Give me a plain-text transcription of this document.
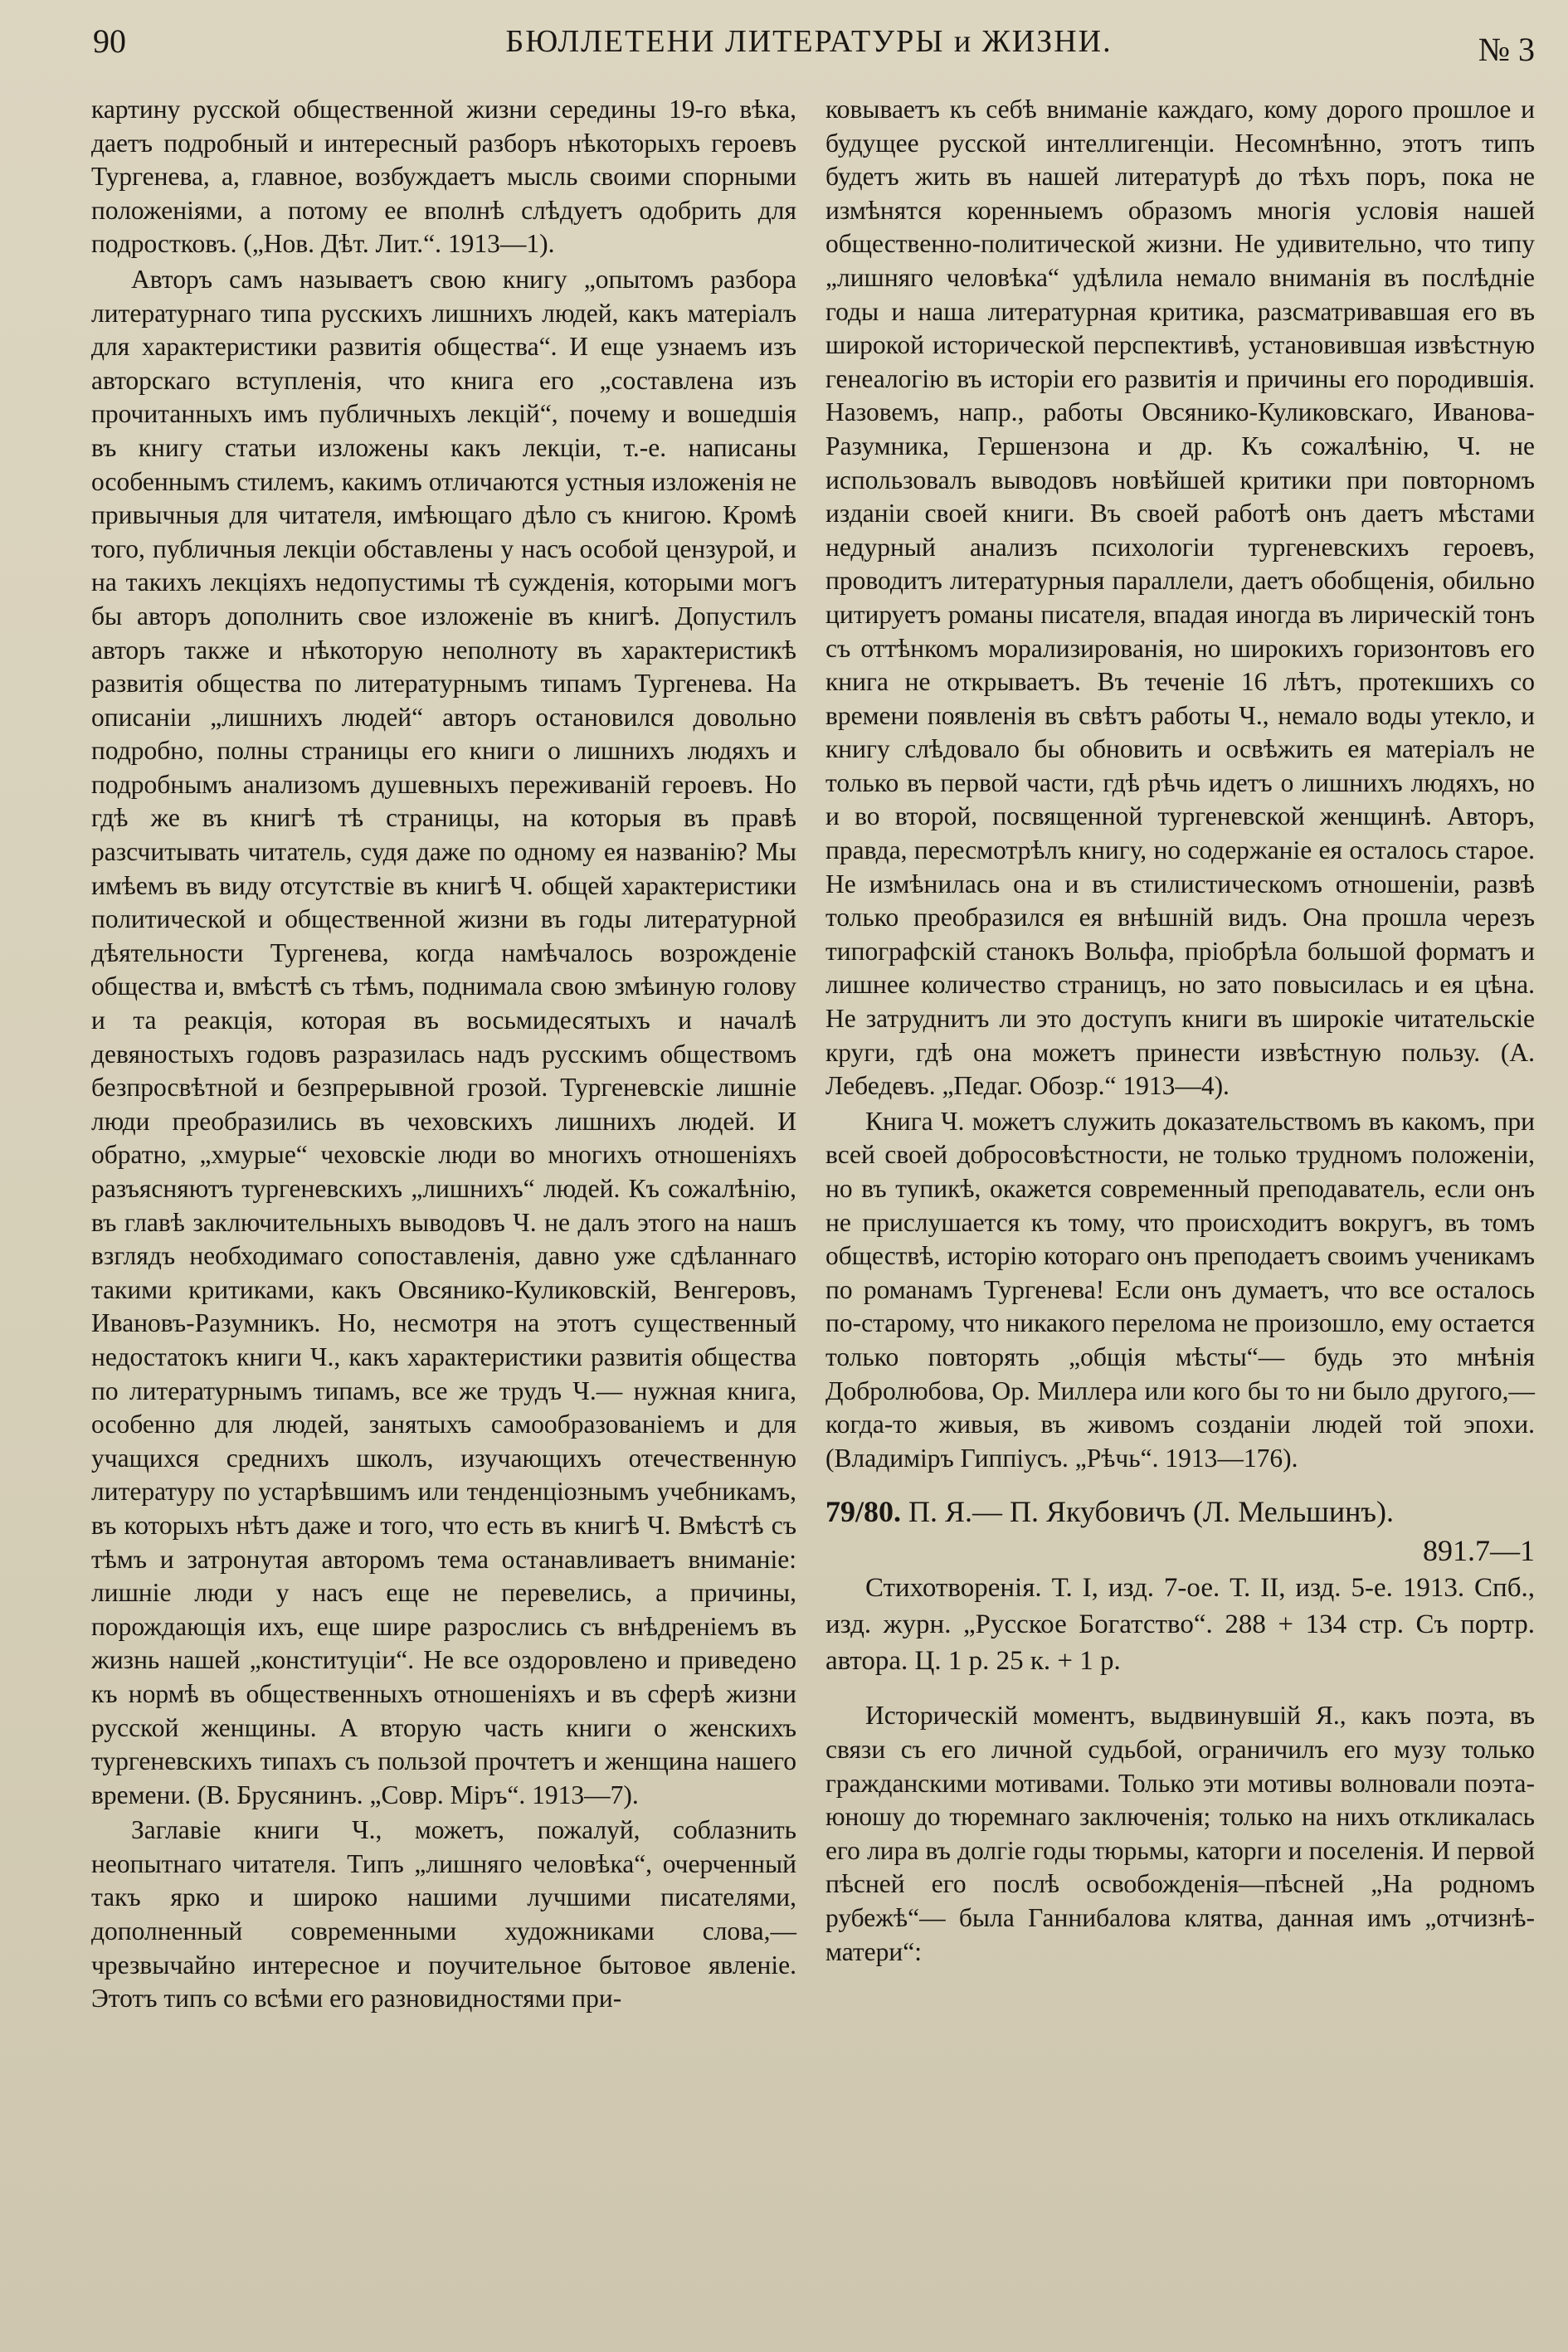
90	БЮЛЛЕТЕНИ ЛИТЕРАТУРЫ и ЖИЗНИ.	№ 3

картину русской общественной жизни середины 19-го вѣка, даетъ подробный и интересный разборъ нѣкоторыхъ героевъ Тургенева, а, главное, возбуждаетъ мысль своими спорными положеніями, а потому ее вполнѣ слѣдуетъ одобрить для подростковъ. („Нов. Дѣт. Лит.“. 1913—1).

Авторъ самъ называетъ свою книгу „опытомъ разбора литературнаго типа русскихъ лишнихъ людей, какъ матеріалъ для характеристики развитія общества“. И еще узнаемъ изъ авторскаго вступленія, что книга его „составлена изъ прочитанныхъ имъ публичныхъ лекцій“, почему и вошедшія въ книгу статьи изложены какъ лекціи, т.-е. написаны особеннымъ стилемъ, какимъ отличаются устныя изложенія не привычныя для читателя, имѣющаго дѣло съ книгою. Кромѣ того, публичныя лекціи обставлены у насъ особой цензурой, и на такихъ лекціяхъ недопустимы тѣ сужденія, которыми могъ бы авторъ дополнить свое изложеніе въ книгѣ. Допустилъ авторъ также и нѣкоторую неполноту въ характеристикѣ развитія общества по литературнымъ типамъ Тургенева. На описаніи „лишнихъ людей“ авторъ остановился довольно подробно, полны страницы его книги о лишнихъ людяхъ и подробнымъ анализомъ душевныхъ переживаній героевъ. Но гдѣ же въ книгѣ тѣ страницы, на которыя въ правѣ разсчитывать читатель, судя даже по одному ея названію? Мы имѣемъ въ виду отсутствіе въ книгѣ Ч. общей характеристики политической и общественной жизни въ годы литературной дѣятельности Тургенева, когда намѣчалось возрожденіе общества и, вмѣстѣ съ тѣмъ, поднимала свою змѣиную голову и та реакція, которая въ восьмидесятыхъ и началѣ девяностыхъ годовъ разразилась надъ русскимъ обществомъ безпросвѣтной и безпрерывной грозой. Тургеневскіе лишніе люди преобразились въ чеховскихъ лишнихъ людей. И обратно, „хмурые“ чеховскіе люди во многихъ отношеніяхъ разъясняютъ тургеневскихъ „лишнихъ“ людей. Къ сожалѣнію, въ главѣ заключительныхъ выводовъ Ч. не далъ этого на нашъ взглядъ необходимаго сопоставленія, давно уже сдѣланнаго такими критиками, какъ Овсянико-Куликовскій, Венгеровъ, Ивановъ-Разумникъ. Но, несмотря на этотъ существенный недостатокъ книги Ч., какъ характеристики развитія общества по литературнымъ типамъ, все же трудъ Ч.— нужная книга, особенно для людей, занятыхъ самообразованіемъ и для учащихся среднихъ школъ, изучающихъ отечественную литературу по устарѣвшимъ или тенденціознымъ учебникамъ, въ которыхъ нѣтъ даже и того, что есть въ книгѣ Ч. Вмѣстѣ съ тѣмъ и затронутая авторомъ тема останавливаетъ вниманіе: лишніе люди у насъ еще не перевелись, а причины, порождающія ихъ, еще шире разрослись съ внѣдреніемъ въ жизнь нашей „конституціи“. Не все оздоровлено и приведено къ нормѣ въ общественныхъ отношеніяхъ и въ сферѣ жизни русской женщины. А вторую часть книги о женскихъ тургеневскихъ типахъ съ пользой прочтетъ и женщина нашего времени. (В. Брусянинъ. „Совр. Міръ“. 1913—7).

Заглавіе книги Ч., можетъ, пожалуй, соблазнить неопытнаго читателя. Типъ „лишняго человѣка“, очерченный такъ ярко и широко нашими лучшими писателями, дополненный современными художниками слова,— чрезвычайно интересное и поучительное бытовое явленіе. Этотъ типъ со всѣми его разновидностями при-

ковываетъ къ себѣ вниманіе каждаго, кому дорого прошлое и будущее русской интеллигенціи. Несомнѣнно, этотъ типъ будетъ жить въ нашей литературѣ до тѣхъ поръ, пока не измѣнятся коренныемъ образомъ многія условія нашей общественно-политической жизни. Не удивительно, что типу „лишняго человѣка“ удѣлила немало вниманія въ послѣдніе годы и наша литературная критика, разсматривавшая его въ широкой исторической перспективѣ, установившая извѣстную генеалогію въ исторіи его развитія и причины его породившія. Назовемъ, напр., работы Овсянико-Куликовскаго, Иванова-Разумника, Гершензона и др. Къ сожалѣнію, Ч. не использовалъ выводовъ новѣйшей критики при повторномъ изданіи своей книги. Въ своей работѣ онъ даетъ мѣстами недурный анализъ психологіи тургеневскихъ героевъ, проводитъ литературныя параллели, даетъ обобщенія, обильно цитируетъ романы писателя, впадая иногда въ лирическій тонъ съ оттѣнкомъ морализированія, но широкихъ горизонтовъ его книга не открываетъ. Въ теченіе 16 лѣтъ, протекшихъ со времени появленія въ свѣтъ работы Ч., немало воды утекло, и книгу слѣдовало бы обновить и освѣжить ея матеріалъ не только въ первой части, гдѣ рѣчь идетъ о лишнихъ людяхъ, но и во второй, посвященной тургеневской женщинѣ. Авторъ, правда, пересмотрѣлъ книгу, но содержаніе ея осталось старое. Не измѣнилась она и въ стилистическомъ отношеніи, развѣ только преобразился ея внѣшній видъ. Она прошла черезъ типографскій станокъ Вольфа, пріобрѣла большой форматъ и лишнее количество страницъ, но зато повысилась и ея цѣна. Не затруднитъ ли это доступъ книги въ широкіе читательскіе круги, гдѣ она можетъ принести извѣстную пользу. (А. Лебедевъ. „Педаг. Обозр.“ 1913—4).

Книга Ч. можетъ служить доказательствомъ въ какомъ, при всей своей добросовѣстности, не только трудномъ положеніи, но въ тупикѣ, окажется современный преподаватель, если онъ не прислушается къ тому, что происходитъ вокругъ, въ томъ обществѣ, исторію котораго онъ преподаетъ своимъ ученикамъ по романамъ Тургенева! Если онъ думаетъ, что все осталось по-старому, что никакого перелома не произошло, ему остается только повторять „общія мѣсты“— будь это мнѣнія Добролюбова, Ор. Миллера или кого бы то ни было другого,— когда-то живыя, въ живомъ созданіи людей той эпохи. (Владиміръ Гиппіусъ. „Рѣчь“. 1913—176).

79/80. П. Я.— П. Якубовичъ (Л. Мельшинъ).
891.7—1

Стихотворенія. Т. I, изд. 7-ое. Т. II, изд. 5-е. 1913. Спб., изд. журн. „Русское Богатство“. 288 + 134 стр. Съ портр. автора. Ц. 1 р. 25 к. + 1 р.

Историческій моментъ, выдвинувшій Я., какъ поэта, въ связи съ его личной судьбой, ограничилъ его музу только гражданскими мотивами. Только эти мотивы волновали поэта-юношу до тюремнаго заключенія; только на нихъ откликалась его лира въ долгіе годы тюрьмы, каторги и поселенія. И первой пѣсней его послѣ освобожденія—пѣсней „На родномъ рубежѣ“— была Ганнибалова клятва, данная имъ „отчизнѣ-матери“:
